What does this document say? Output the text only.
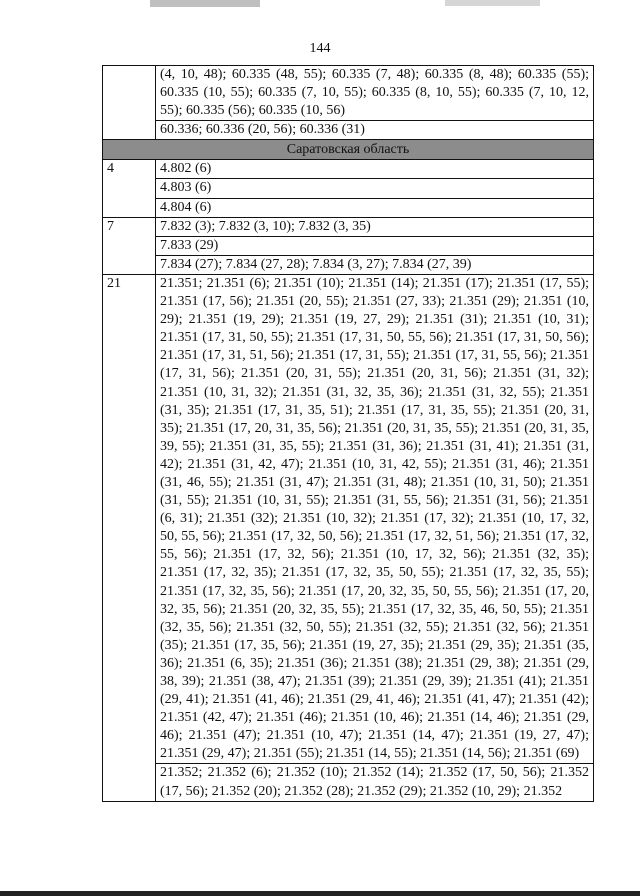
144
	(4, 10, 48); 60.335 (48, 55); 60.335 (7, 48); 60.335 (8, 48); 60.335 (55); 60.335 (10, 55); 60.335 (7, 10, 55); 60.335 (8, 10, 55); 60.335 (7, 10, 12, 55); 60.335 (56); 60.335 (10, 56)
	60.336; 60.336 (20, 56); 60.336 (31)
Саратовская область	
4	4.802 (6)
	4.803 (6)
	4.804 (6)
7	7.832 (3); 7.832 (3, 10); 7.832 (3, 35)
	7.833 (29)
	7.834 (27); 7.834 (27, 28); 7.834 (3, 27); 7.834 (27, 39)
21	21.351; 21.351 (6); 21.351 (10); 21.351 (14); 21.351 (17); 21.351 (17, 55); 21.351 (17, 56); 21.351 (20, 55); 21.351 (27, 33); 21.351 (29); 21.351 (10, 29); 21.351 (19, 29); 21.351 (19, 27, 29); 21.351 (31); 21.351 (10, 31); 21.351 (17, 31, 50, 55); 21.351 (17, 31, 50, 55, 56); 21.351 (17, 31, 50, 56); 21.351 (17, 31, 51, 56); 21.351 (17, 31, 55); 21.351 (17, 31, 55, 56); 21.351 (17, 31, 56); 21.351 (20, 31, 55); 21.351 (20, 31, 56); 21.351 (31, 32); 21.351 (10, 31, 32); 21.351 (31, 32, 35, 36); 21.351 (31, 32, 55); 21.351 (31, 35); 21.351 (17, 31, 35, 51); 21.351 (17, 31, 35, 55); 21.351 (20, 31, 35); 21.351 (17, 20, 31, 35, 56); 21.351 (20, 31, 35, 55); 21.351 (20, 31, 35, 39, 55); 21.351 (31, 35, 55); 21.351 (31, 36); 21.351 (31, 41); 21.351 (31, 42); 21.351 (31, 42, 47); 21.351 (10, 31, 42, 55); 21.351 (31, 46); 21.351 (31, 46, 55); 21.351 (31, 47); 21.351 (31, 48); 21.351 (10, 31, 50); 21.351 (31, 55); 21.351 (10, 31, 55); 21.351 (31, 55, 56); 21.351 (31, 56); 21.351 (6, 31); 21.351 (32); 21.351 (10, 32); 21.351 (17, 32); 21.351 (10, 17, 32, 50, 55, 56); 21.351 (17, 32, 50, 56); 21.351 (17, 32, 51, 56); 21.351 (17, 32, 55, 56); 21.351 (17, 32, 56); 21.351 (10, 17, 32, 56); 21.351 (32, 35); 21.351 (17, 32, 35); 21.351 (17, 32, 35, 50, 55); 21.351 (17, 32, 35, 55); 21.351 (17, 32, 35, 56); 21.351 (17, 20, 32, 35, 50, 55, 56); 21.351 (17, 20, 32, 35, 56); 21.351 (20, 32, 35, 55); 21.351 (17, 32, 35, 46, 50, 55); 21.351 (32, 35, 56); 21.351 (32, 50, 55); 21.351 (32, 55); 21.351 (32, 56); 21.351 (35); 21.351 (17, 35, 56); 21.351 (19, 27, 35); 21.351 (29, 35); 21.351 (35, 36); 21.351 (6, 35); 21.351 (36); 21.351 (38); 21.351 (29, 38); 21.351 (29, 38, 39); 21.351 (38, 47); 21.351 (39); 21.351 (29, 39); 21.351 (41); 21.351 (29, 41); 21.351 (41, 46); 21.351 (29, 41, 46); 21.351 (41, 47); 21.351 (42); 21.351 (42, 47); 21.351 (46); 21.351 (10, 46); 21.351 (14, 46); 21.351 (29, 46); 21.351 (47); 21.351 (10, 47); 21.351 (14, 47); 21.351 (19, 27, 47); 21.351 (29, 47); 21.351 (55); 21.351 (14, 55); 21.351 (14, 56); 21.351 (69)
	21.352; 21.352 (6); 21.352 (10); 21.352 (14); 21.352 (17, 50, 56); 21.352 (17, 56); 21.352 (20); 21.352 (28); 21.352 (29); 21.352 (10, 29); 21.352
